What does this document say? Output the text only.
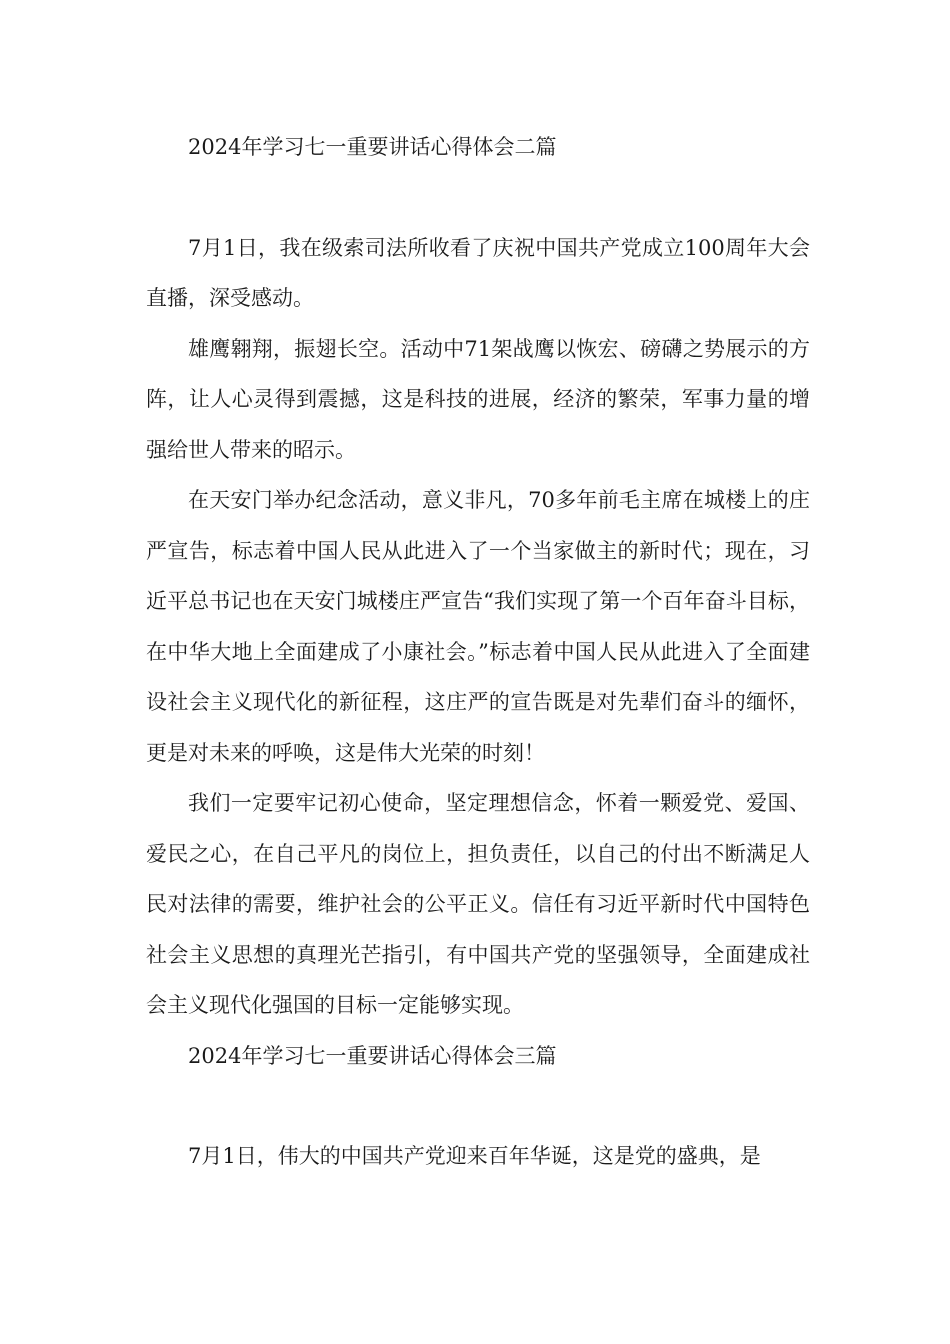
2024年学习七一重要讲话心得体会二篇

7月1日，我在级索司法所收看了庆祝中国共产党成立100周年大会直播，深受感动。

雄鹰翱翔，振翅长空。活动中71架战鹰以恢宏、磅礴之势展示的方阵，让人心灵得到震撼，这是科技的进展，经济的繁荣，军事力量的增强给世人带来的昭示。

在天安门举办纪念活动，意义非凡，70多年前毛主席在城楼上的庄严宣告，标志着中国人民从此进入了一个当家做主的新时代；现在，习近平总书记也在天安门城楼庄严宣告“我们实现了第一个百年奋斗目标，在中华大地上全面建成了小康社会。”标志着中国人民从此进入了全面建设社会主义现代化的新征程，这庄严的宣告既是对先辈们奋斗的缅怀，更是对未来的呼唤，这是伟大光荣的时刻！

我们一定要牢记初心使命，坚定理想信念，怀着一颗爱党、爱国、爱民之心，在自己平凡的岗位上，担负责任，以自己的付出不断满足人民对法律的需要，维护社会的公平正义。信任有习近平新时代中国特色社会主义思想的真理光芒指引，有中国共产党的坚强领导，全面建成社会主义现代化强国的目标一定能够实现。

2024年学习七一重要讲话心得体会三篇

7月1日，伟大的中国共产党迎来百年华诞，这是党的盛典，是
